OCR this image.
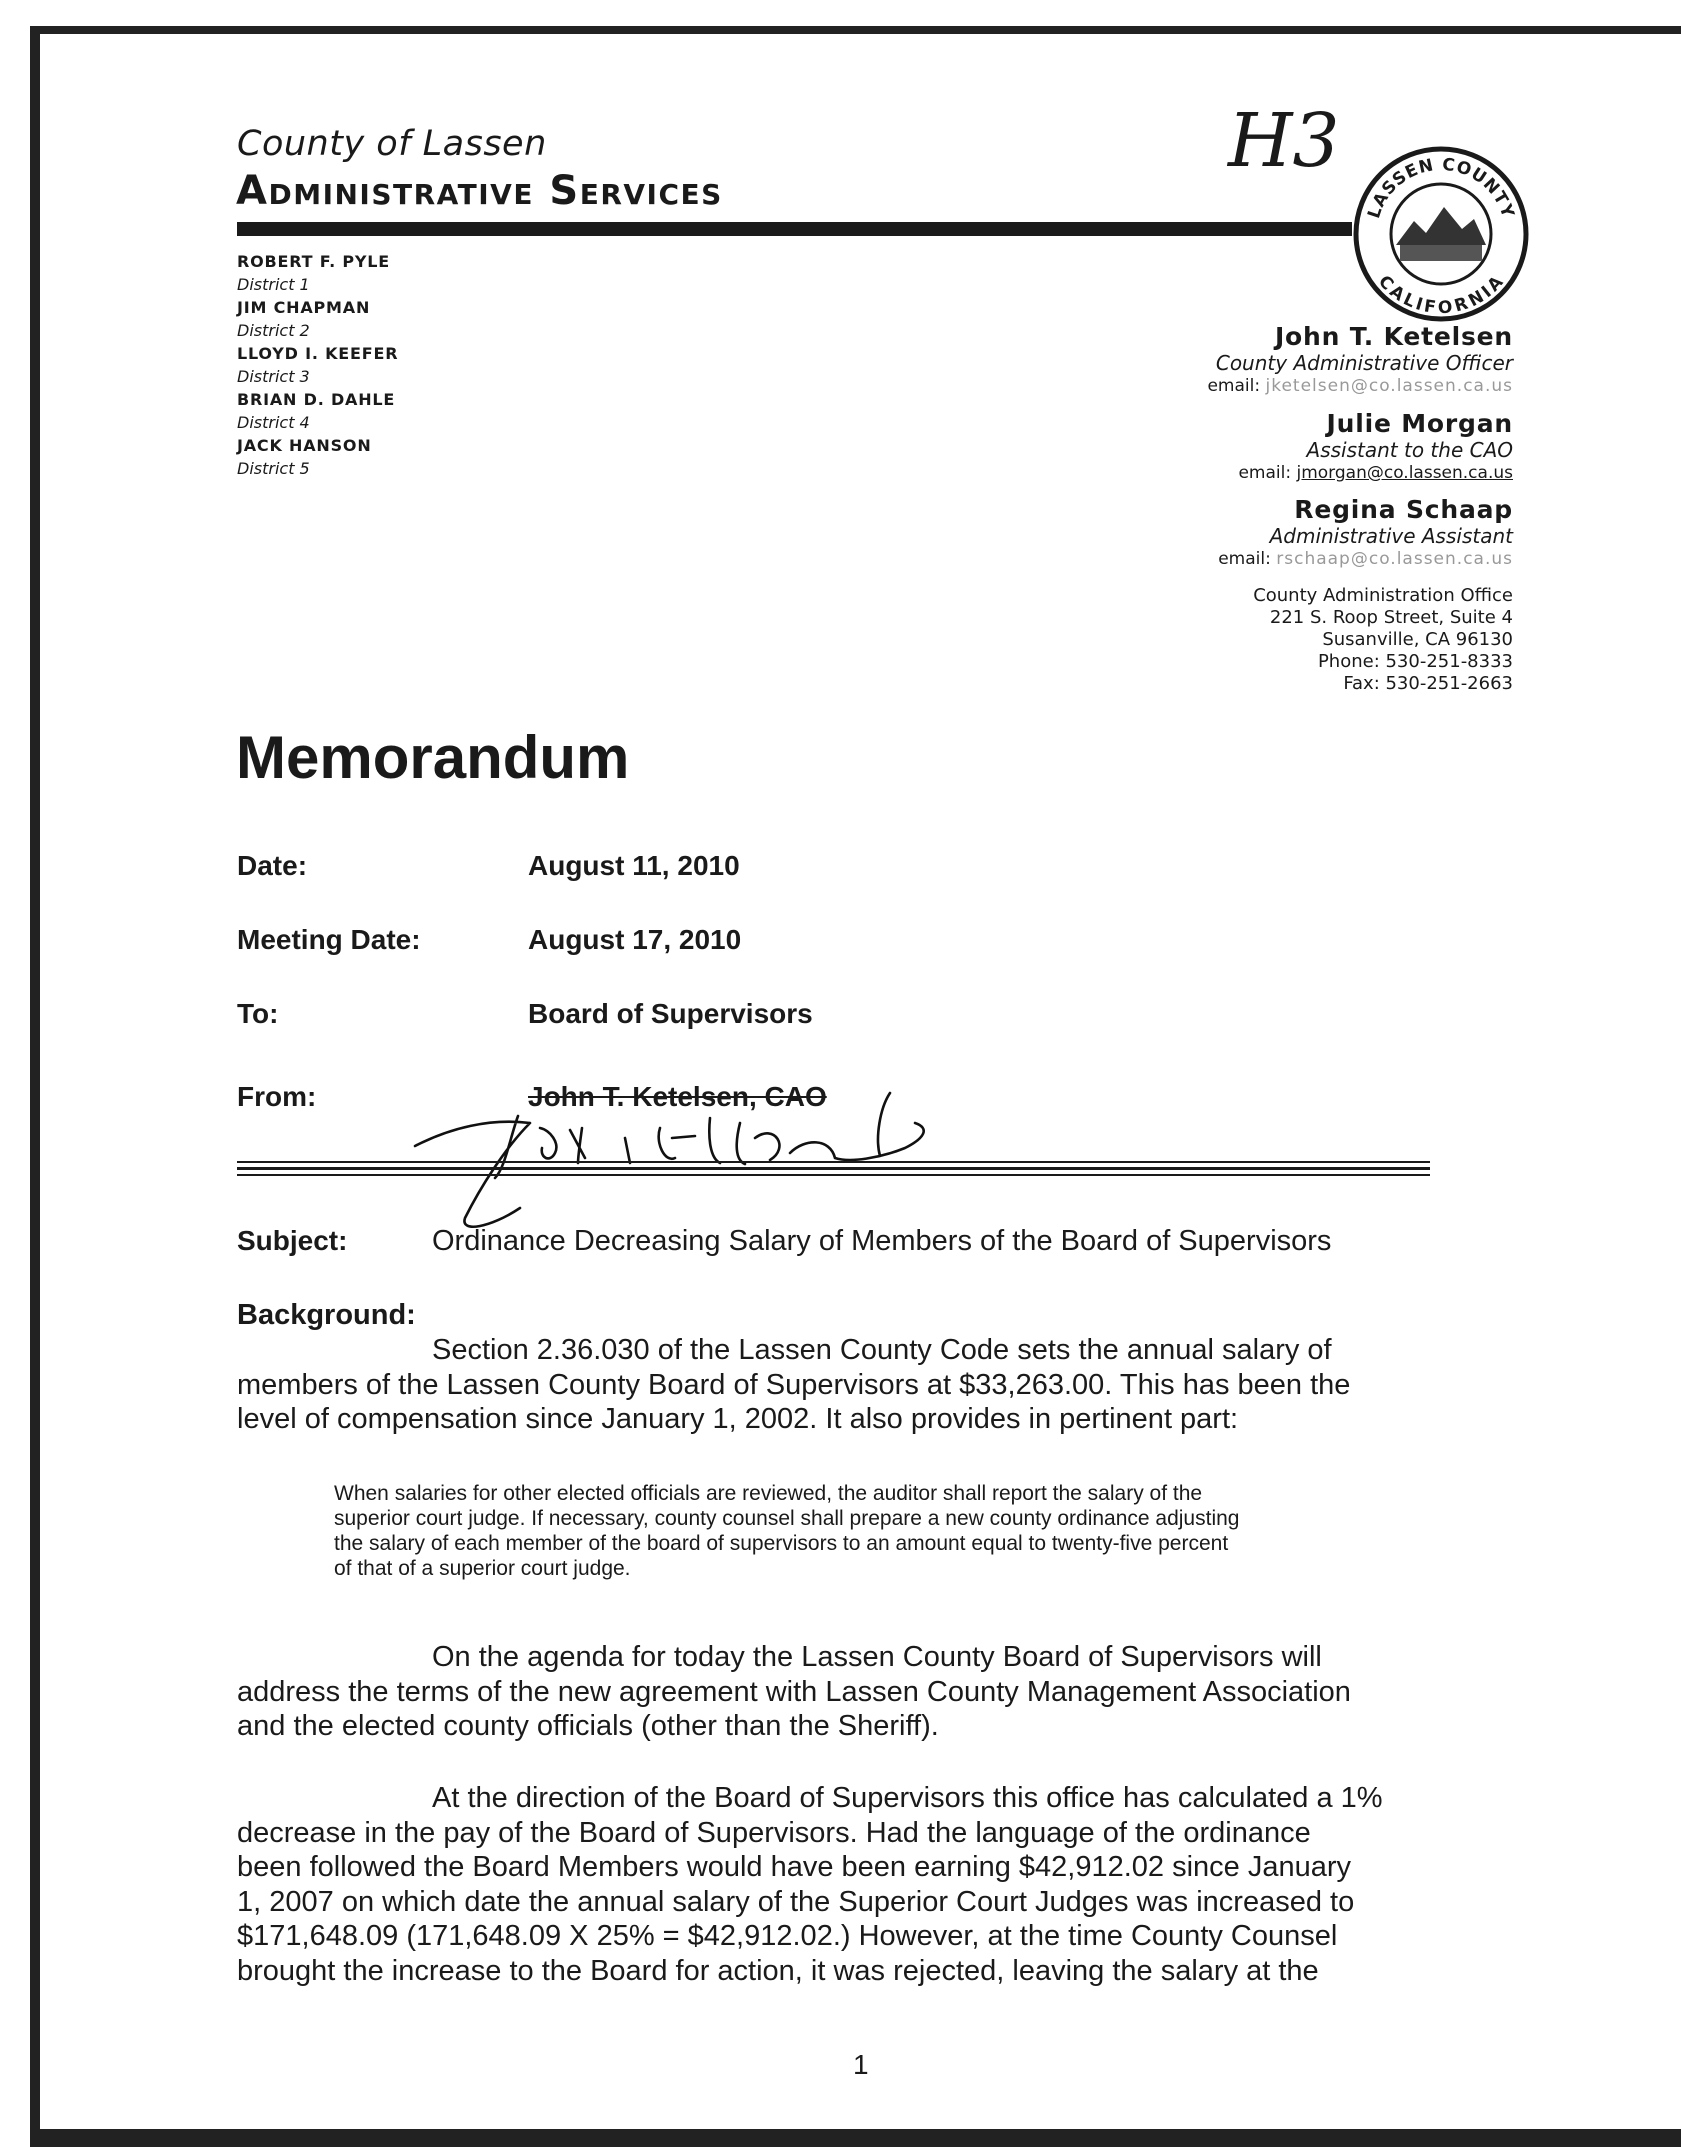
County of Lassen
Administrative Services
H3
LASSEN COUNTY
CALIFORNIA
ROBERT F. PYLE
District 1
JIM CHAPMAN
District 2
LLOYD I. KEEFER
District 3
BRIAN D. DAHLE
District 4
JACK HANSON
District 5
John T. Ketelsen
County Administrative Officer
email: jketelsen@co.lassen.ca.us
Julie Morgan
Assistant to the CAO
email: jmorgan@co.lassen.ca.us
Regina Schaap
Administrative Assistant
email: rschaap@co.lassen.ca.us
County Administration Office
221 S. Roop Street, Suite 4
Susanville, CA 96130
Phone: 530-251-8333
Fax: 530-251-2663
Memorandum
Date:	August 11, 2010
Meeting Date:	August 17, 2010
To:	Board of Supervisors
From:	John T. Ketelsen, CAO
Subject:	Ordinance Decreasing Salary of Members of the Board of Supervisors
Background:
Section 2.36.030 of the Lassen County Code sets the annual salary of
members of the Lassen County Board of Supervisors at $33,263.00. This has been the
level of compensation since January 1, 2002. It also provides in pertinent part:
When salaries for other elected officials are reviewed, the auditor shall report the salary of the
superior court judge. If necessary, county counsel shall prepare a new county ordinance adjusting
the salary of each member of the board of supervisors to an amount equal to twenty-five percent
of that of a superior court judge.
On the agenda for today the Lassen County Board of Supervisors will
address the terms of the new agreement with Lassen County Management Association
and the elected county officials (other than the Sheriff).
At the direction of the Board of Supervisors this office has calculated a 1%
decrease in the pay of the Board of Supervisors. Had the language of the ordinance
been followed the Board Members would have been earning $42,912.02 since January
1, 2007 on which date the annual salary of the Superior Court Judges was increased to
$171,648.09 (171,648.09 X 25% = $42,912.02.) However, at the time County Counsel
brought the increase to the Board for action, it was rejected, leaving the salary at the
1
